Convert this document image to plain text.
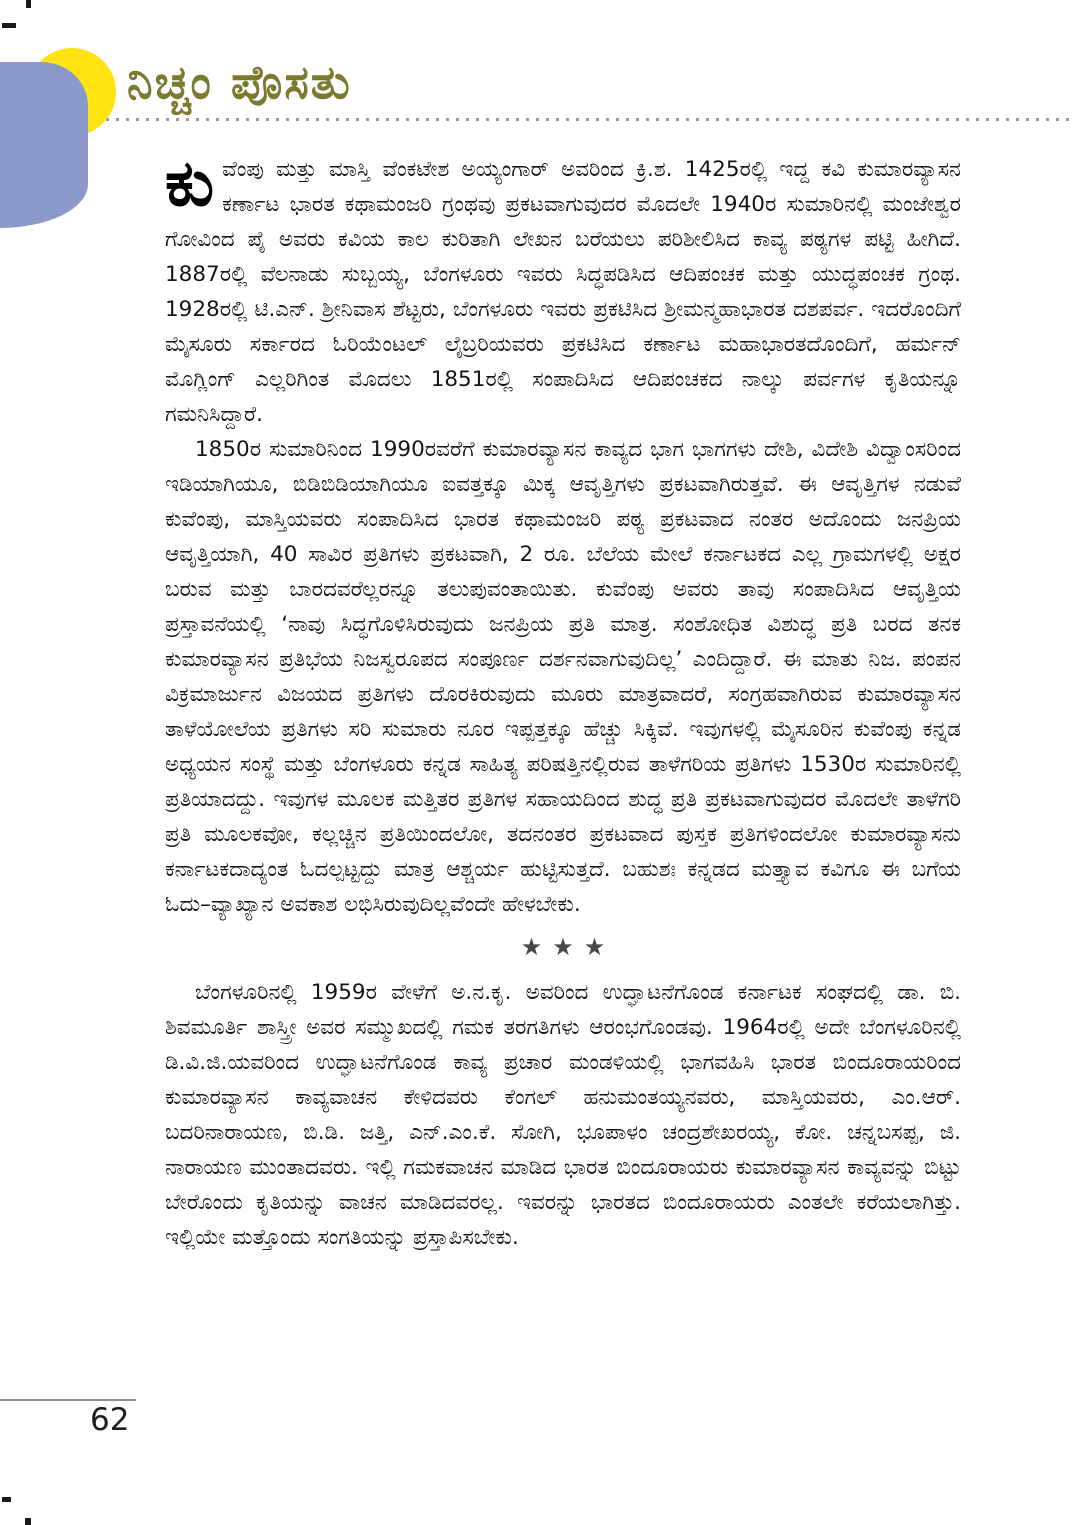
ನಿಚ್ಚಂ ಪೊಸತು

ಕುವೆಂಪು ಮತ್ತು ಮಾಸ್ತಿ ವೆಂಕಟೇಶ ಅಯ್ಯಂಗಾರ್ ಅವರಿಂದ ಕ್ರಿ.ಶ. 1425ರಲ್ಲಿ ಇದ್ದ ಕವಿ ಕುಮಾರವ್ಯಾಸನ ಕರ್ಣಾಟ ಭಾರತ ಕಥಾಮಂಜರಿ ಗ್ರಂಥವು ಪ್ರಕಟವಾಗುವುದರ ಮೊದಲೇ 1940ರ ಸುಮಾರಿನಲ್ಲಿ ಮಂಜೇಶ್ವರ ಗೋವಿಂದ ಪೈ ಅವರು ಕವಿಯ ಕಾಲ ಕುರಿತಾಗಿ ಲೇಖನ ಬರೆಯಲು ಪರಿಶೀಲಿಸಿದ ಕಾವ್ಯ ಪಠ್ಯಗಳ ಪಟ್ಟಿ ಹೀಗಿದೆ. 1887ರಲ್ಲಿ ವೆಲನಾಡು ಸುಬ್ಬಯ್ಯ, ಬೆಂಗಳೂರು ಇವರು ಸಿದ್ಧಪಡಿಸಿದ ಆದಿಪಂಚಕ ಮತ್ತು ಯುದ್ಧಪಂಚಕ ಗ್ರಂಥ. 1928ರಲ್ಲಿ ಟಿ.ಎನ್. ಶ್ರೀನಿವಾಸ ಶೆಟ್ಟರು, ಬೆಂಗಳೂರು ಇವರು ಪ್ರಕಟಿಸಿದ ಶ್ರೀಮನ್ಮಹಾಭಾರತ ದಶಪರ್ವ. ಇದರೊಂದಿಗೆ ಮೈಸೂರು ಸರ್ಕಾರದ ಓರಿಯೆಂಟಲ್ ಲೈಬ್ರರಿಯವರು ಪ್ರಕಟಿಸಿದ ಕರ್ಣಾಟ ಮಹಾಭಾರತದೊಂದಿಗೆ, ಹರ್ಮನ್ ಮೊಗ್ಲಿಂಗ್ ಎಲ್ಲರಿಗಿಂತ ಮೊದಲು 1851ರಲ್ಲಿ ಸಂಪಾದಿಸಿದ ಆದಿಪಂಚಕದ ನಾಲ್ಕು ಪರ್ವಗಳ ಕೃತಿಯನ್ನೂ ಗಮನಿಸಿದ್ದಾರೆ.

1850ರ ಸುಮಾರಿನಿಂದ 1990ರವರೆಗೆ ಕುಮಾರವ್ಯಾಸನ ಕಾವ್ಯದ ಭಾಗ ಭಾಗಗಳು ದೇಶಿ, ವಿದೇಶಿ ವಿದ್ವಾಂಸರಿಂದ ಇಡಿಯಾಗಿಯೂ, ಬಿಡಿಬಿಡಿಯಾಗಿಯೂ ಐವತ್ತಕ್ಕೂ ಮಿಕ್ಕ ಆವೃತ್ತಿಗಳು ಪ್ರಕಟವಾಗಿರುತ್ತವೆ. ಈ ಆವೃತ್ತಿಗಳ ನಡುವೆ ಕುವೆಂಪು, ಮಾಸ್ತಿಯವರು ಸಂಪಾದಿಸಿದ ಭಾರತ ಕಥಾಮಂಜರಿ ಪಠ್ಯ ಪ್ರಕಟವಾದ ನಂತರ ಅದೊಂದು ಜನಪ್ರಿಯ ಆವೃತ್ತಿಯಾಗಿ, 40 ಸಾವಿರ ಪ್ರತಿಗಳು ಪ್ರಕಟವಾಗಿ, 2 ರೂ. ಬೆಲೆಯ ಮೇಲೆ ಕರ್ನಾಟಕದ ಎಲ್ಲ ಗ್ರಾಮಗಳಲ್ಲಿ ಅಕ್ಷರ ಬರುವ ಮತ್ತು ಬಾರದವರೆಲ್ಲರನ್ನೂ ತಲುಪುವಂತಾಯಿತು. ಕುವೆಂಪು ಅವರು ತಾವು ಸಂಪಾದಿಸಿದ ಆವೃತ್ತಿಯ ಪ್ರಸ್ತಾವನೆಯಲ್ಲಿ ‘ನಾವು ಸಿದ್ಧಗೊಳಿಸಿರುವುದು ಜನಪ್ರಿಯ ಪ್ರತಿ ಮಾತ್ರ. ಸಂಶೋಧಿತ ವಿಶುದ್ಧ ಪ್ರತಿ ಬರದ ತನಕ ಕುಮಾರವ್ಯಾಸನ ಪ್ರತಿಭೆಯ ನಿಜಸ್ವರೂಪದ ಸಂಪೂರ್ಣ ದರ್ಶನವಾಗುವುದಿಲ್ಲ’ ಎಂದಿದ್ದಾರೆ. ಈ ಮಾತು ನಿಜ. ಪಂಪನ ವಿಕ್ರಮಾರ್ಜುನ ವಿಜಯದ ಪ್ರತಿಗಳು ದೊರಕಿರುವುದು ಮೂರು ಮಾತ್ರವಾದರೆ, ಸಂಗ್ರಹವಾಗಿರುವ ಕುಮಾರವ್ಯಾಸನ ತಾಳೆಯೋಲೆಯ ಪ್ರತಿಗಳು ಸರಿ ಸುಮಾರು ನೂರ ಇಪ್ಪತ್ತಕ್ಕೂ ಹೆಚ್ಚು ಸಿಕ್ಕಿವೆ. ಇವುಗಳಲ್ಲಿ ಮೈಸೂರಿನ ಕುವೆಂಪು ಕನ್ನಡ ಅಧ್ಯಯನ ಸಂಸ್ಥೆ ಮತ್ತು ಬೆಂಗಳೂರು ಕನ್ನಡ ಸಾಹಿತ್ಯ ಪರಿಷತ್ತಿನಲ್ಲಿರುವ ತಾಳೆಗರಿಯ ಪ್ರತಿಗಳು 1530ರ ಸುಮಾರಿನಲ್ಲಿ ಪ್ರತಿಯಾದದ್ದು. ಇವುಗಳ ಮೂಲಕ ಮತ್ತಿತರ ಪ್ರತಿಗಳ ಸಹಾಯದಿಂದ ಶುದ್ಧ ಪ್ರತಿ ಪ್ರಕಟವಾಗುವುದರ ಮೊದಲೇ ತಾಳೆಗರಿ ಪ್ರತಿ ಮೂಲಕವೋ, ಕಲ್ಲಚ್ಚಿನ ಪ್ರತಿಯಿಂದಲೋ, ತದನಂತರ ಪ್ರಕಟವಾದ ಪುಸ್ತಕ ಪ್ರತಿಗಳಿಂದಲೋ ಕುಮಾರವ್ಯಾಸನು ಕರ್ನಾಟಕದಾದ್ಯಂತ ಓದಲ್ಪಟ್ಟದ್ದು ಮಾತ್ರ ಆಶ್ಚರ್ಯ ಹುಟ್ಟಿಸುತ್ತದೆ. ಬಹುಶಃ ಕನ್ನಡದ ಮತ್ತ್ಯಾವ ಕವಿಗೂ ಈ ಬಗೆಯ ಓದು–ವ್ಯಾಖ್ಯಾನ ಅವಕಾಶ ಲಭಿಸಿರುವುದಿಲ್ಲವೆಂದೇ ಹೇಳಬೇಕು.

★★★

ಬೆಂಗಳೂರಿನಲ್ಲಿ 1959ರ ವೇಳೆಗೆ ಅ.ನ.ಕೃ. ಅವರಿಂದ ಉದ್ಘಾಟನೆಗೊಂಡ ಕರ್ನಾಟಕ ಸಂಘದಲ್ಲಿ ಡಾ. ಬಿ. ಶಿವಮೂರ್ತಿ ಶಾಸ್ತ್ರೀ ಅವರ ಸಮ್ಮುಖದಲ್ಲಿ ಗಮಕ ತರಗತಿಗಳು ಆರಂಭಗೊಂಡವು. 1964ರಲ್ಲಿ ಅದೇ ಬೆಂಗಳೂರಿನಲ್ಲಿ ಡಿ.ವಿ.ಜಿ.ಯವರಿಂದ ಉದ್ಘಾಟನೆಗೊಂಡ ಕಾವ್ಯ ಪ್ರಚಾರ ಮಂಡಳಿಯಲ್ಲಿ ಭಾಗವಹಿಸಿ ಭಾರತ ಬಿಂದೂರಾಯರಿಂದ ಕುಮಾರವ್ಯಾಸನ ಕಾವ್ಯವಾಚನ ಕೇಳಿದವರು ಕೆಂಗಲ್ ಹನುಮಂತಯ್ಯನವರು, ಮಾಸ್ತಿಯವರು, ಎಂ.ಆರ್. ಬದರಿನಾರಾಯಣ, ಬಿ.ಡಿ. ಜತ್ತಿ, ಎನ್.ಎಂ.ಕೆ. ಸೋಗಿ, ಭೂಪಾಳಂ ಚಂದ್ರಶೇಖರಯ್ಯ, ಕೋ. ಚನ್ನಬಸಪ್ಪ, ಜಿ. ನಾರಾಯಣ ಮುಂತಾದವರು. ಇಲ್ಲಿ ಗಮಕವಾಚನ ಮಾಡಿದ ಭಾರತ ಬಿಂದೂರಾಯರು ಕುಮಾರವ್ಯಾಸನ ಕಾವ್ಯವನ್ನು ಬಿಟ್ಟು ಬೇರೊಂದು ಕೃತಿಯನ್ನು ವಾಚನ ಮಾಡಿದವರಲ್ಲ. ಇವರನ್ನು ಭಾರತದ ಬಿಂದೂರಾಯರು ಎಂತಲೇ ಕರೆಯಲಾಗಿತ್ತು. ಇಲ್ಲಿಯೇ ಮತ್ತೊಂದು ಸಂಗತಿಯನ್ನು ಪ್ರಸ್ತಾಪಿಸಬೇಕು.

62
